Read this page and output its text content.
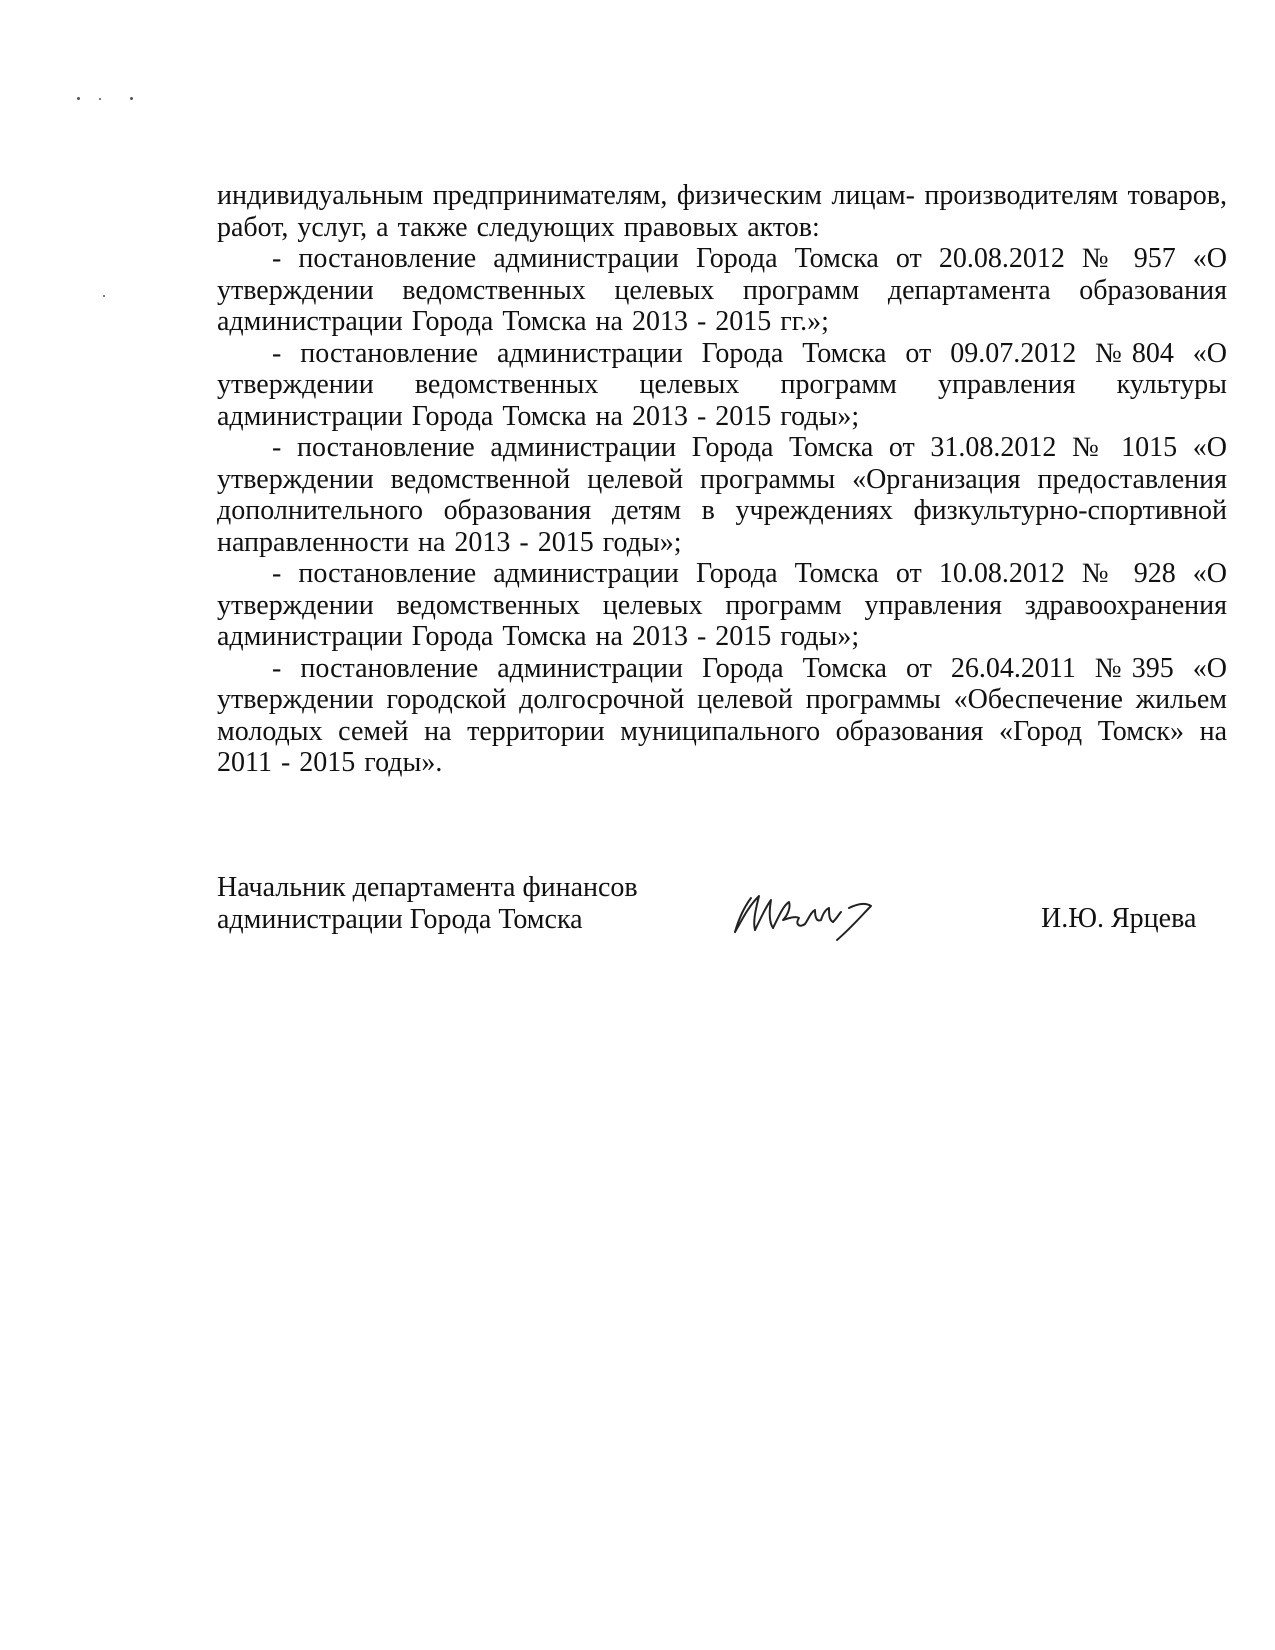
индивидуальным предпринимателям, физическим лицам- производителям товаров, работ, услуг, а также следующих правовых актов:

- постановление администрации Города Томска от 20.08.2012 № 957 «О утверждении ведомственных целевых программ департамента образования администрации Города Томска на 2013 - 2015 гг.»;

- постановление администрации Города Томска от 09.07.2012 №804 «О утверждении ведомственных целевых программ управления культуры администрации Города Томска на 2013 - 2015 годы»;

- постановление администрации Города Томска от 31.08.2012 № 1015 «О утверждении ведомственной целевой программы «Организация предоставления дополнительного образования детям в учреждениях физкультурно-спортивной направленности на 2013 - 2015 годы»;

- постановление администрации Города Томска от 10.08.2012 № 928 «О утверждении ведомственных целевых программ управления здравоохранения администрации Города Томска на 2013 - 2015 годы»;

- постановление администрации Города Томска от 26.04.2011 №395 «О утверждении городской долгосрочной целевой программы «Обеспечение жильем молодых семей на территории муниципального образования «Город Томск» на 2011 - 2015 годы».

Начальник департамента финансов
администрации Города Томска	И.Ю. Ярцева
